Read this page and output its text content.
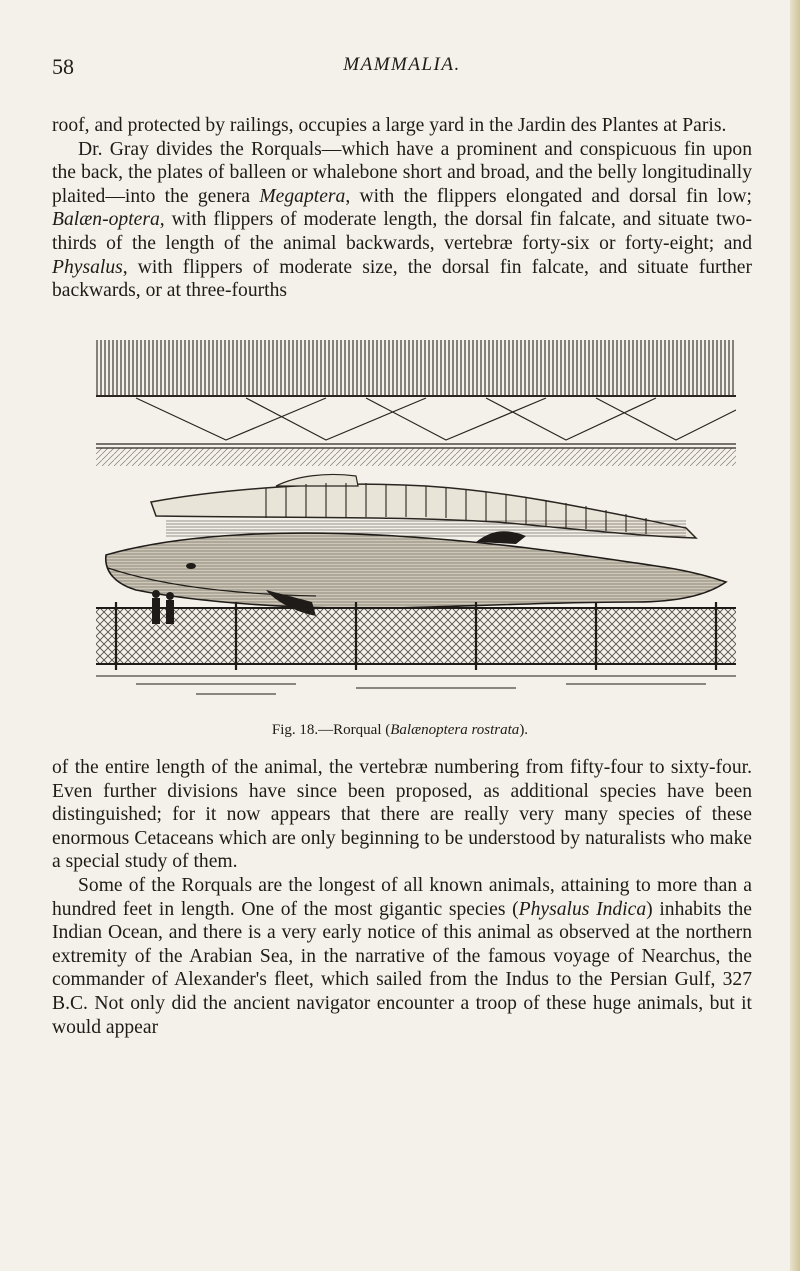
58	MAMMALIA.

roof, and protected by railings, occupies a large yard in the Jardin des Plantes at Paris.

Dr. Gray divides the Rorquals—which have a prominent and conspicuous fin upon the back, the plates of balleen or whalebone short and broad, and the belly longitudinally plaited—into the genera Megaptera, with the flippers elongated and dorsal fin low; Balæn-optera, with flippers of moderate length, the dorsal fin falcate, and situate two-thirds of the length of the animal backwards, vertebræ forty-six or forty-eight; and Physalus, with flippers of moderate size, the dorsal fin falcate, and situate further backwards, or at three-fourths

Fig. 18.—Rorqual (Balænoptera rostrata).

of the entire length of the animal, the vertebræ numbering from fifty-four to sixty-four. Even further divisions have since been proposed, as additional species have been distinguished; for it now appears that there are really very many species of these enormous Cetaceans which are only beginning to be understood by naturalists who make a special study of them.

Some of the Rorquals are the longest of all known animals, attaining to more than a hundred feet in length. One of the most gigantic species (Physalus Indica) inhabits the Indian Ocean, and there is a very early notice of this animal as observed at the northern extremity of the Arabian Sea, in the narrative of the famous voyage of Nearchus, the commander of Alexander's fleet, which sailed from the Indus to the Persian Gulf, 327 B.C. Not only did the ancient navigator encounter a troop of these huge animals, but it would appear
